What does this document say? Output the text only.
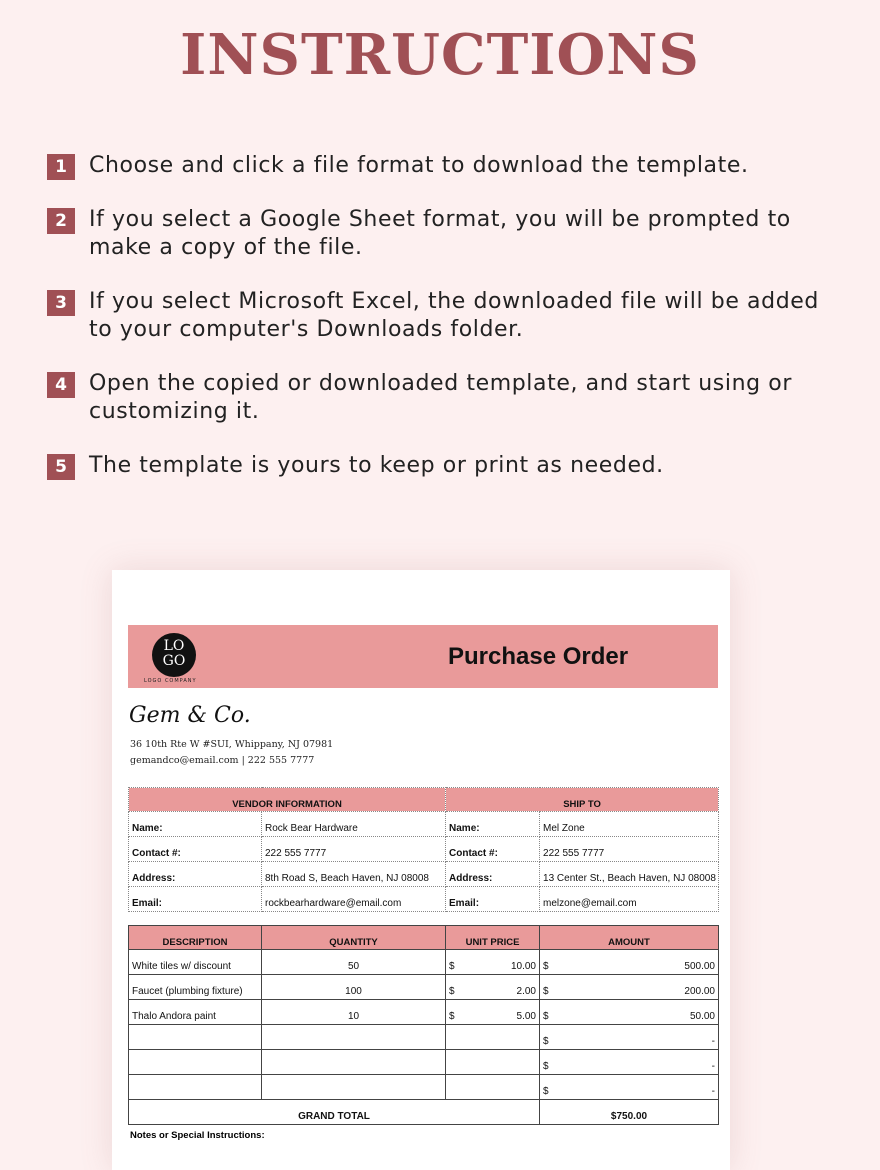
INSTRUCTIONS
1	Choose and click a file format to download the template.
2	If you select a Google Sheet format, you will be prompted to make a copy of the file.
3	If you select Microsoft Excel, the downloaded file will be added to your computer's Downloads folder.
4	Open the copied or downloaded template, and start using or customizing it.
5	The template is yours to keep or print as needed.
LO
GO
LOGO COMPANY
Purchase Order
Gem & Co.
36 10th Rte W #SUI, Whippany, NJ 07981
gemandco@email.com | 222 555 7777
VENDOR INFORMATION		SHIP TO	
Name:	Rock Bear Hardware	Name:	Mel Zone
Contact #:	222 555 7777	Contact #:	222 555 7777
Address:	8th Road S, Beach Haven, NJ 08008	Address:	13 Center St., Beach Haven, NJ 08008
Email:	rockbearhardware@email.com	Email:	melzone@email.com
DESCRIPTION	QUANTITY	UNIT PRICE	AMOUNT
White tiles w/ discount	50	$ 10.00	$ 500.00

Faucet (plumbing fixture)	100	$ 2.00	$ 200.00

Thalo Andora paint	10	$ 5.00	$ 50.00

			$ -

			$ -

			$ -

GRAND TOTAL			$750.00
Notes or Special Instructions:
